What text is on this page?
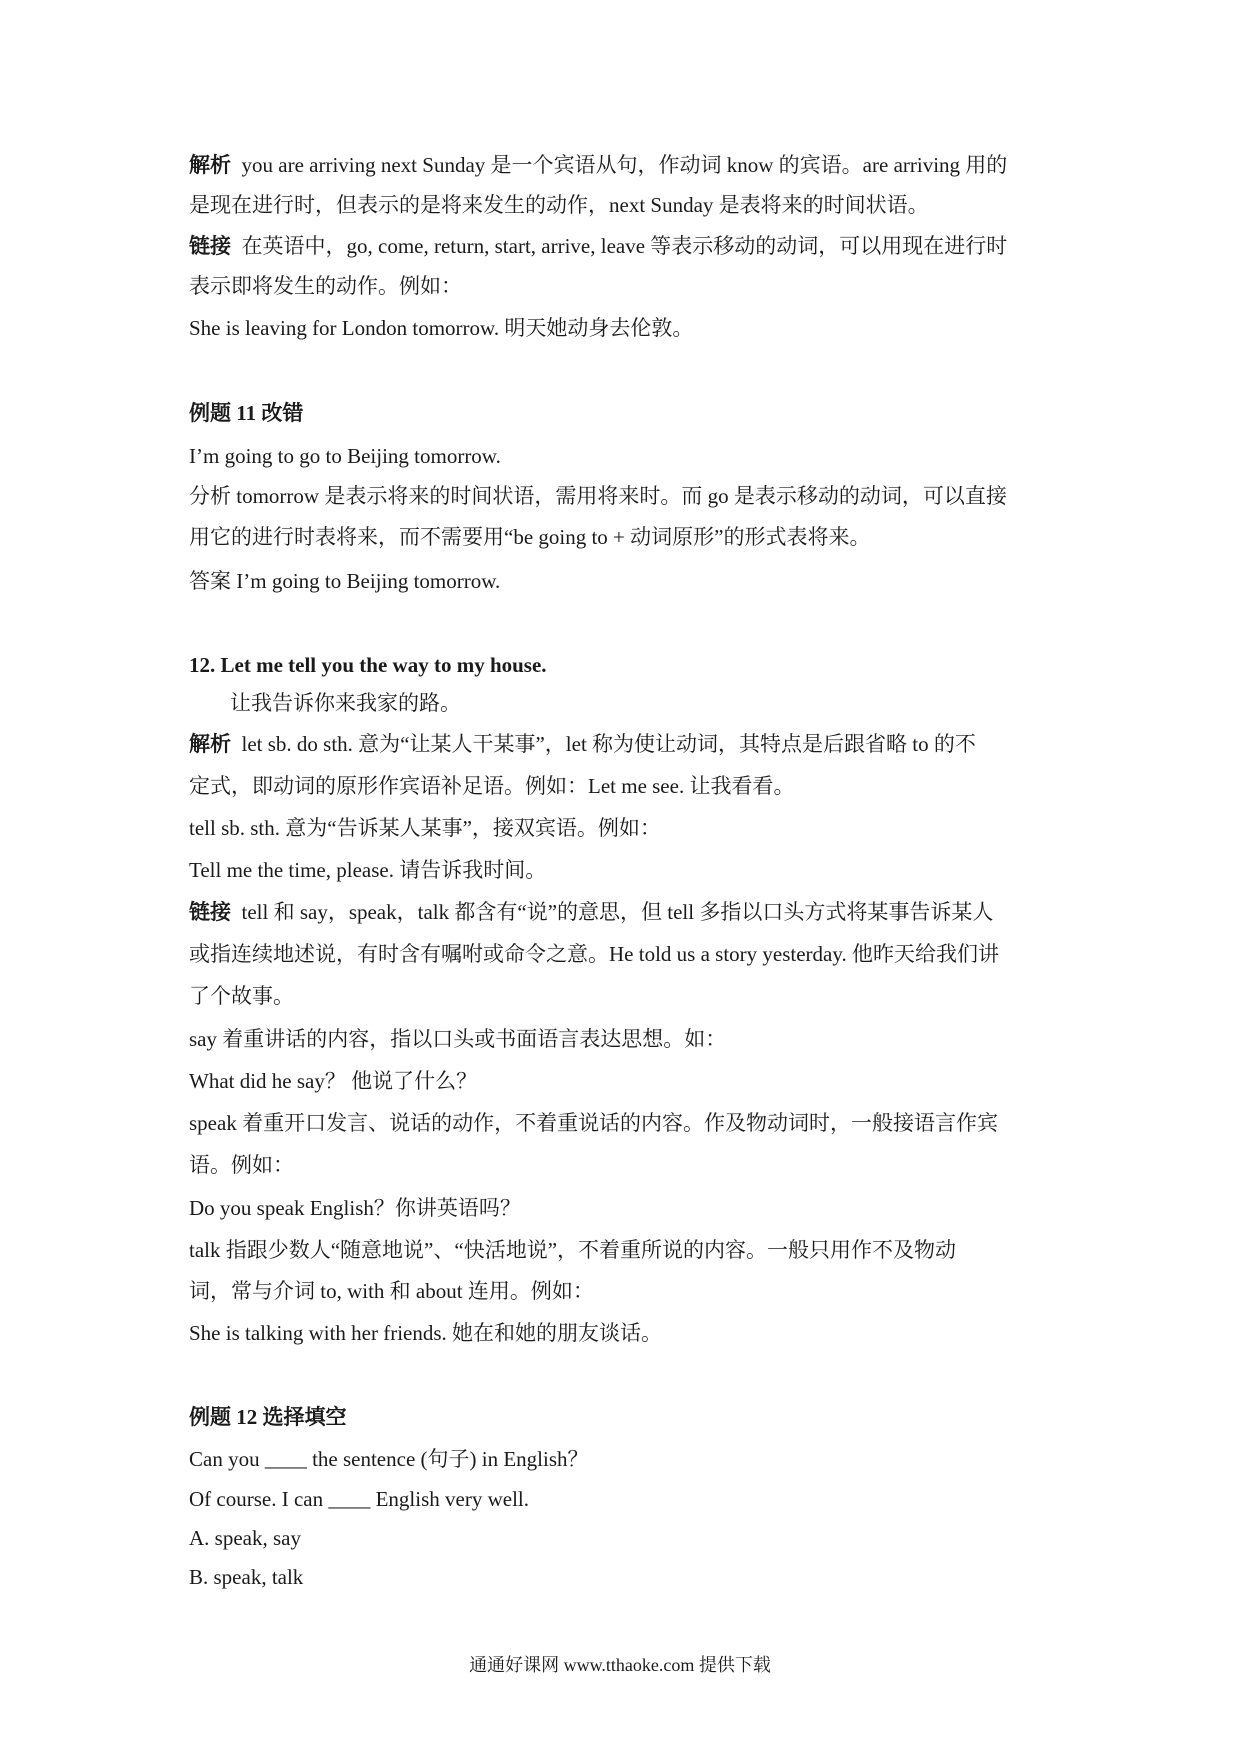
解析 you are arriving next Sunday 是一个宾语从句，作动词 know 的宾语。are arriving 用的
是现在进行时，但表示的是将来发生的动作，next Sunday 是表将来的时间状语。
链接 在英语中，go, come, return, start, arrive, leave 等表示移动的动词，可以用现在进行时
表示即将发生的动作。例如：
She is leaving for London tomorrow. 明天她动身去伦敦。
例题 11 改错
I’m going to go to Beijing tomorrow.
分析 tomorrow 是表示将来的时间状语，需用将来时。而 go 是表示移动的动词，可以直接
用它的进行时表将来，而不需要用“be going to + 动词原形”的形式表将来。
答案 I’m going to Beijing tomorrow.
12. Let me tell you the way to my house.
让我告诉你来我家的路。
解析 let sb. do sth. 意为“让某人干某事”，let 称为使让动词，其特点是后跟省略 to 的不
定式，即动词的原形作宾语补足语。例如：Let me see. 让我看看。
tell sb. sth. 意为“告诉某人某事”，接双宾语。例如：
Tell me the time, please. 请告诉我时间。
链接 tell 和 say，speak，talk 都含有“说”的意思，但 tell 多指以口头方式将某事告诉某人
或指连续地述说，有时含有嘱咐或命令之意。He told us a story yesterday. 他昨天给我们讲
了个故事。
say 着重讲话的内容，指以口头或书面语言表达思想。如：
What did he say？ 他说了什么？
speak 着重开口发言、说话的动作，不着重说话的内容。作及物动词时，一般接语言作宾
语。例如：
Do you speak English？你讲英语吗？
talk 指跟少数人“随意地说”、“快活地说”，不着重所说的内容。一般只用作不及物动
词，常与介词 to, with 和 about 连用。例如：
She is talking with her friends. 她在和她的朋友谈话。
例题 12 选择填空
Can you ____ the sentence (句子) in English？
Of course. I can ____ English very well.
A. speak, say
B. speak, talk
通通好课网 www.tthaoke.com 提供下载
